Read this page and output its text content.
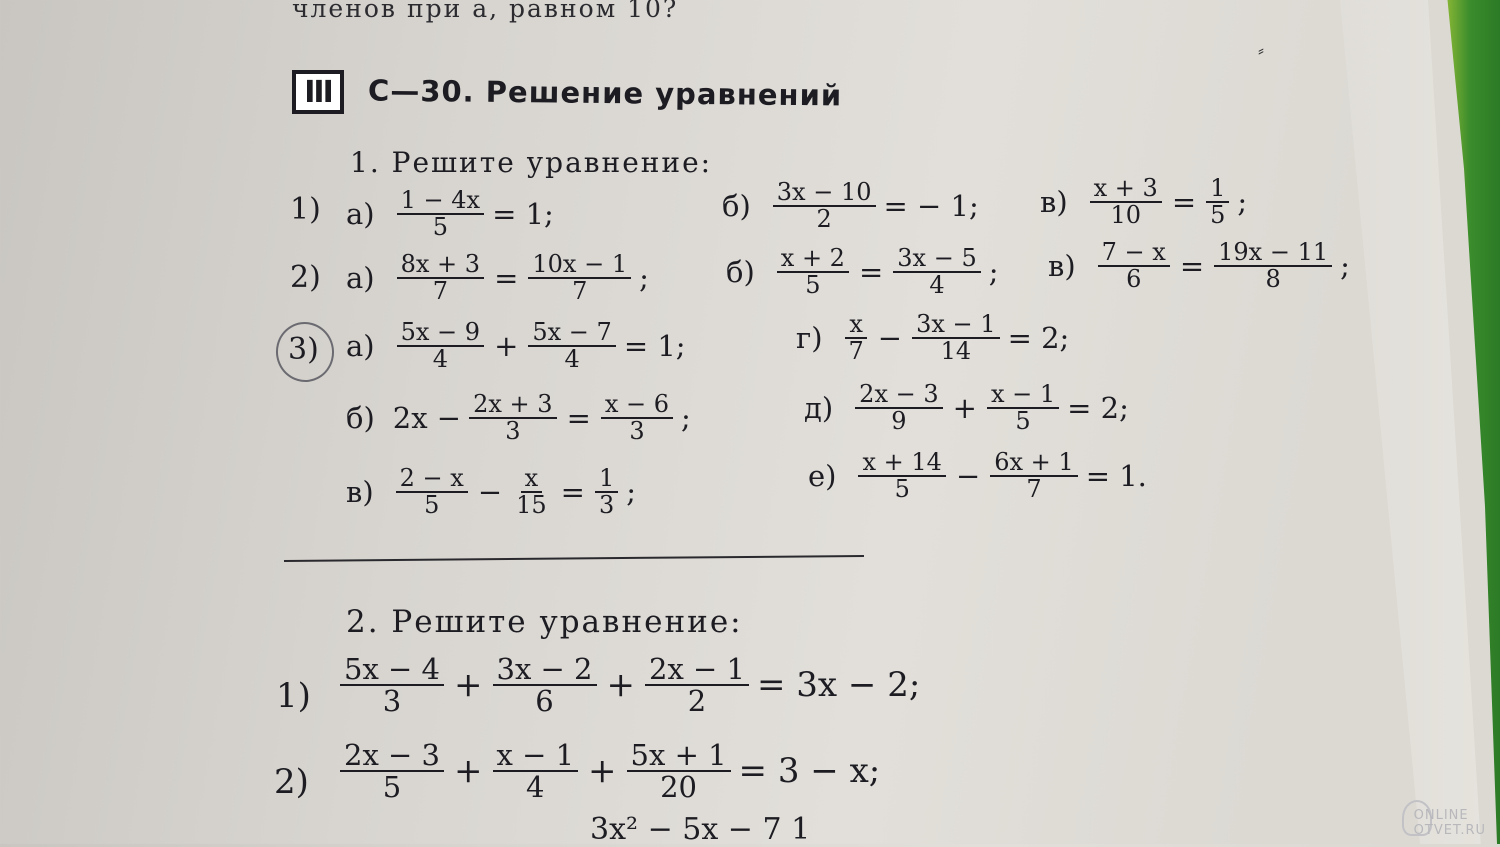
членов при a, равном 10?
III С—30. Решение уравнений
⸗
1. Решите уравнение:
1) $а) \frac{1 - 4x}{5} = 1$;	$б) \frac{3x - 10}{2}$ = − 1; $в) \frac{x + 3}{10} = \frac{1}{5}$ ;
2) $а) \frac{8x + 3}{7} = \frac{10x - 1}{7}$ ;	$б) \frac{x + 2}{5} = \frac{3x - 5}{4}$ ; $в) \frac{7 - x}{6} = \frac{19x - 11}{8}$ ;
3) $а) \frac{5x - 9}{4} + \frac{5x - 7}{4} = 1$;	$г) \frac{x}{7} - \frac{3x - 1}{14} = 2$;
б) $2x - \frac{2x + 3}{3} = \frac{x - 6}{3}$ ;	$д) \frac{2x - 3}{9} + \frac{x - 1}{5} = 2$;
$в) \frac{2 - x}{5} - \frac{x}{15} = \frac{1}{3}$ ;	$е) \frac{x + 14}{5} - \frac{6x + 1}{7} = 1$.
2. Решите уравнение:
$1) \frac{5x - 4}{3} + \frac{3x - 2}{6} + \frac{2x - 1}{2} = 3x - 2$;
$2) \frac{2x - 3}{5} + \frac{x - 1}{4} + \frac{5x + 1}{20} = 3 - x$;
3x² − 5x − 7 1	ONLINE
OTVET.RU
